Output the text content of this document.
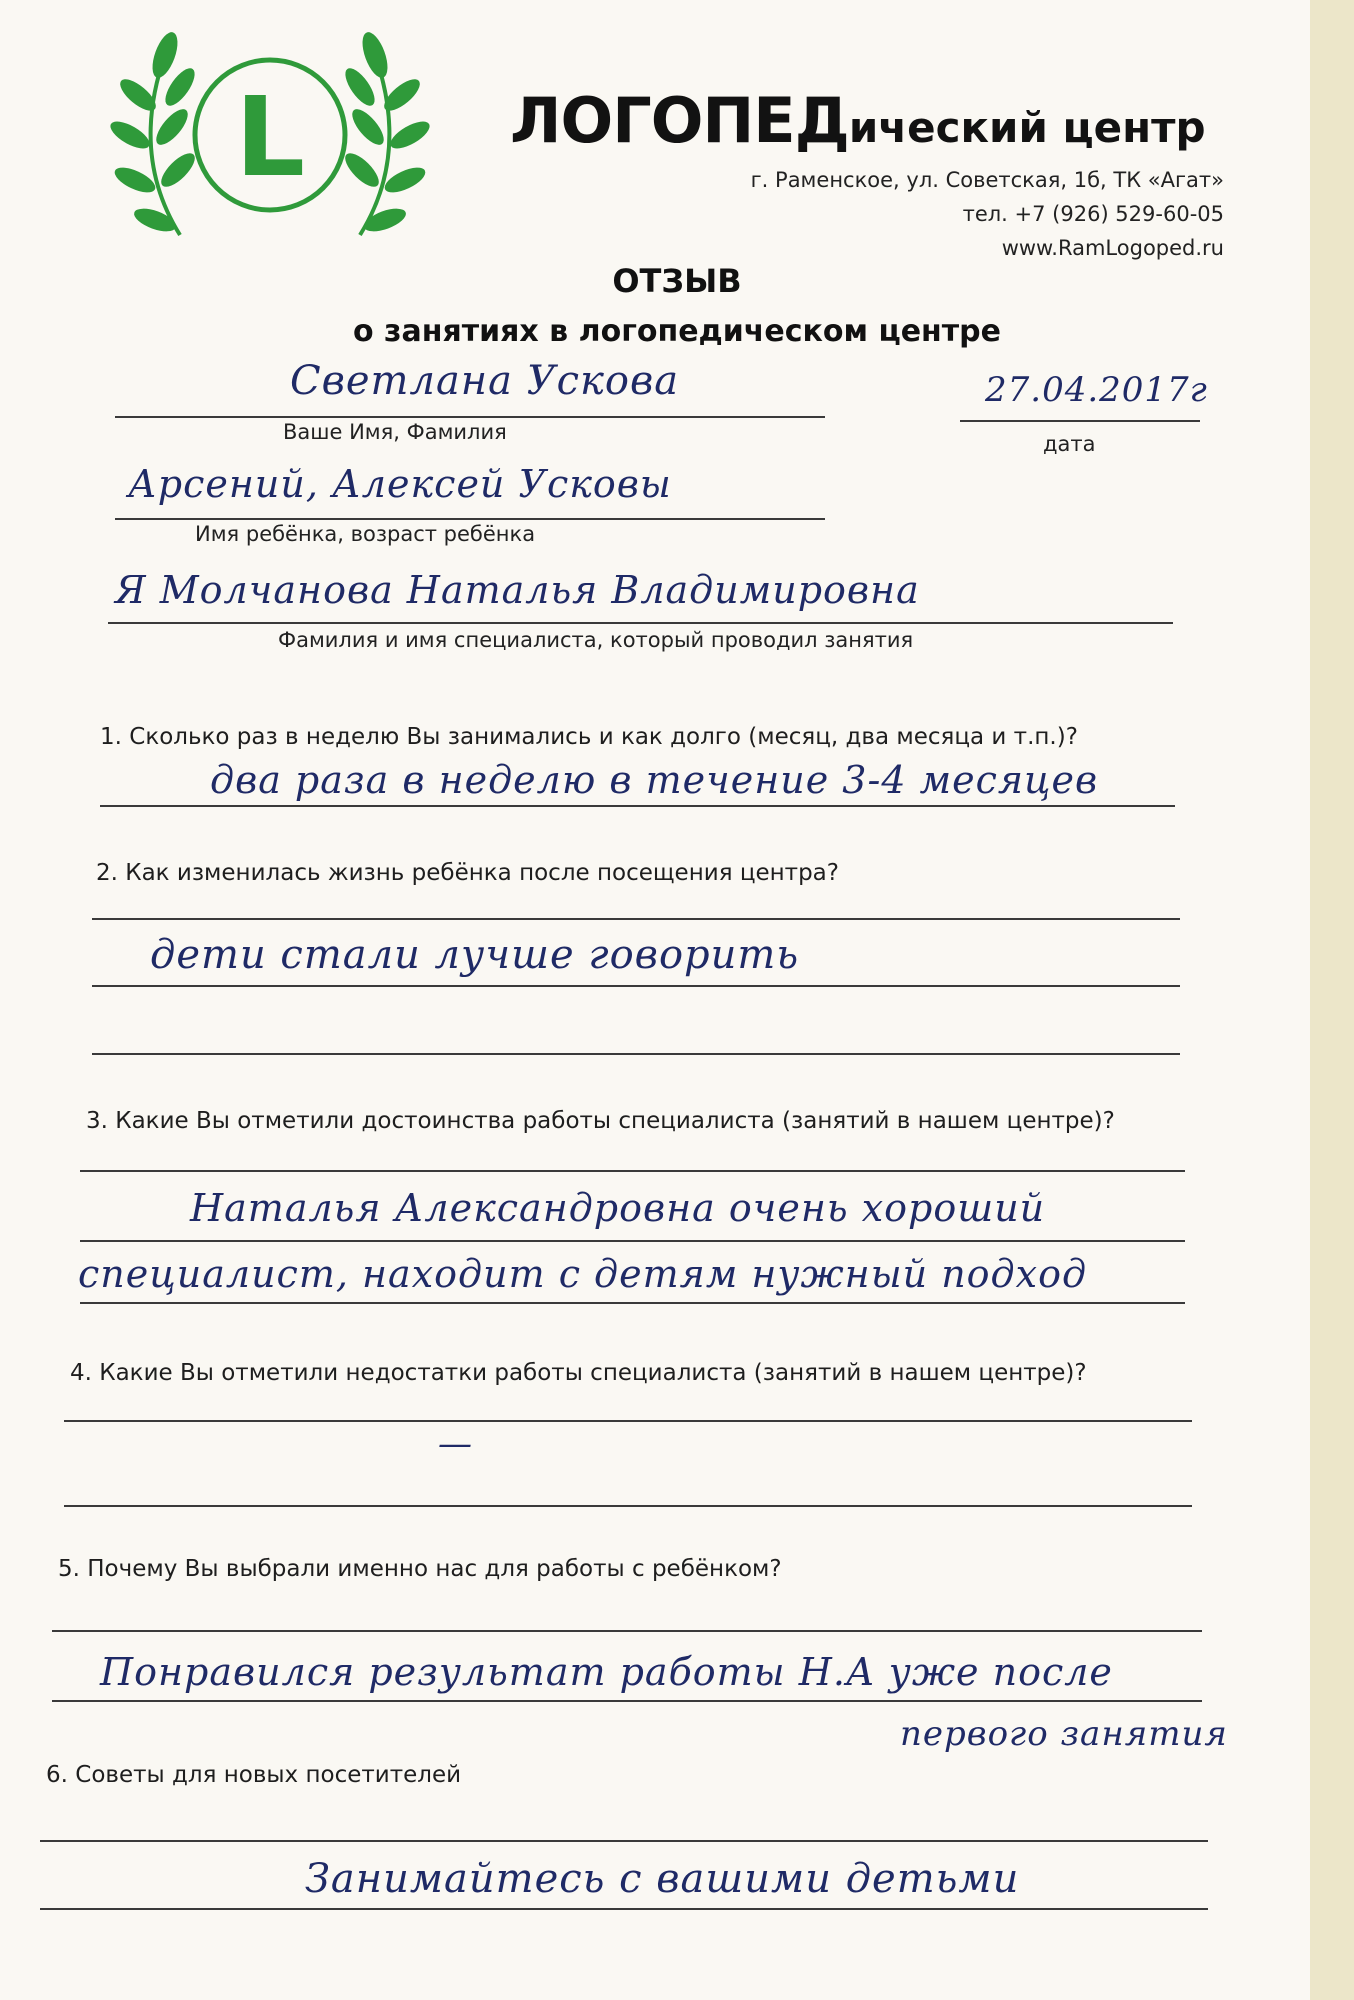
L	ЛОГОПЕДический центр
г. Раменское, ул. Советская, 1б, ТК «Агат»
тел. +7 (926) 529-60-05
www.RamLogoped.ru
ОТЗЫВ
о занятиях в логопедическом центре
Светлана Ускова
Ваше Имя, Фамилия
27.04.2017г
дата
Арсений, Алексей Усковы
Имя ребёнка, возраст ребёнка
Я Молчанова Наталья Владимировна
Фамилия и имя специалиста, который проводил занятия
1. Сколько раз в неделю Вы занимались и как долго (месяц, два месяца и т.п.)?
два раза в неделю в течение 3-4 месяцев
2. Как изменилась жизнь ребёнка после посещения центра?
дети стали лучше говорить
3. Какие Вы отметили достоинства работы специалиста (занятий в нашем центре)?
Наталья Александровна очень хороший
специалист, находит с детям нужный подход
4. Какие Вы отметили недостатки работы специалиста (занятий в нашем центре)?
—
5. Почему Вы выбрали именно нас для работы с ребёнком?
Понравился результат работы Н.А уже после
первого занятия
6. Советы для новых посетителей
Занимайтесь с вашими детьми
